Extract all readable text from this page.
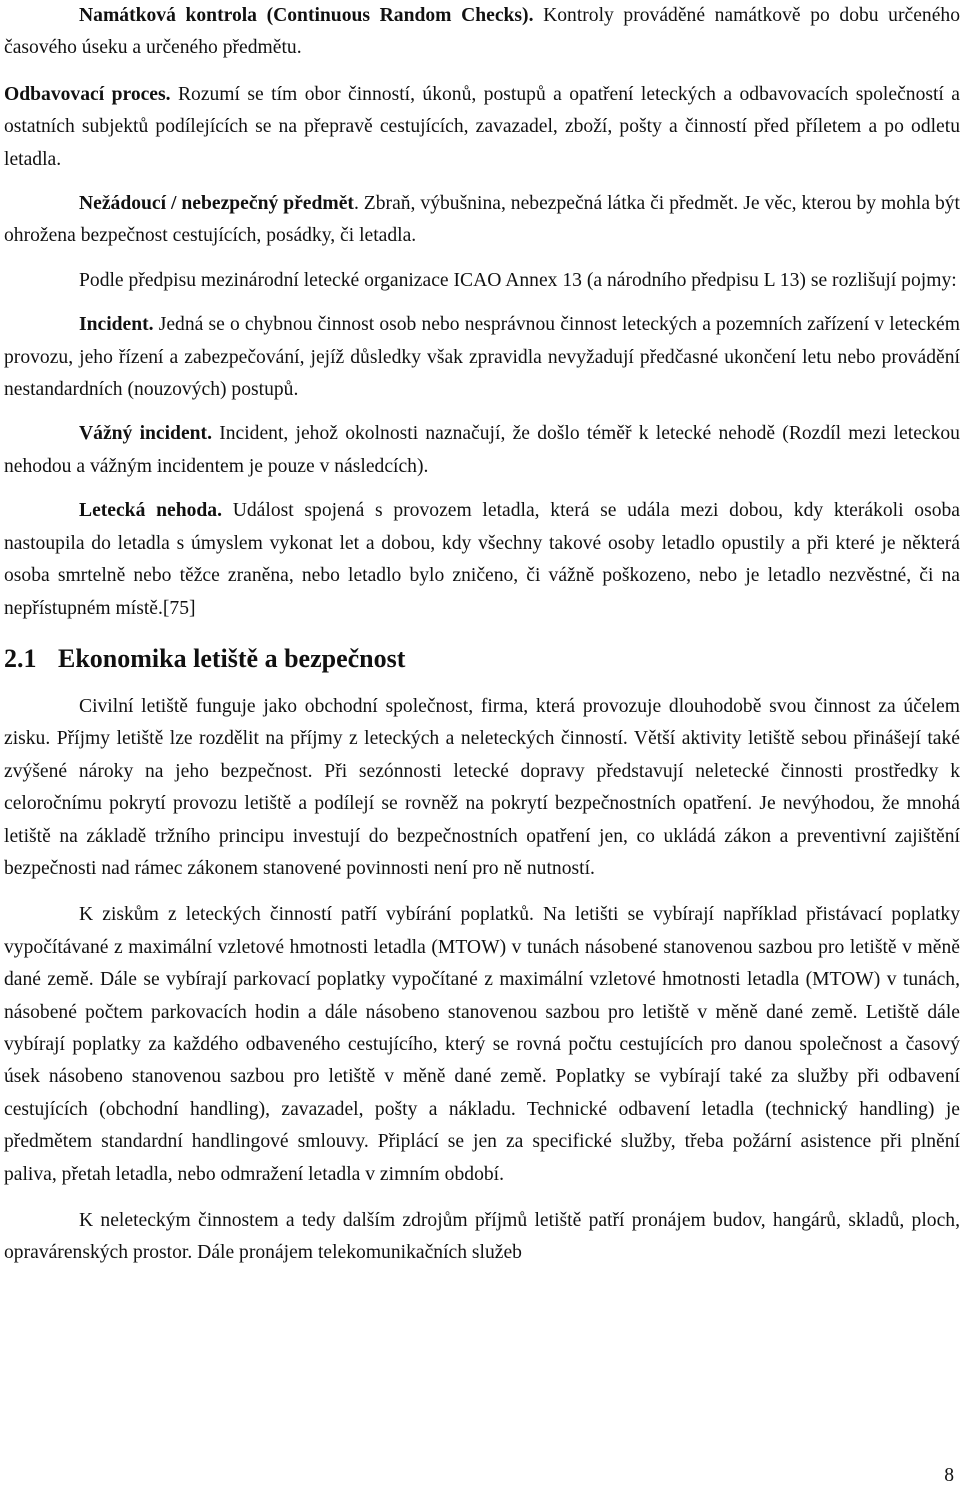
Namátková kontrola (Continuous Random Checks). Kontroly prováděné namátkově po dobu určeného časového úseku a určeného předmětu.

Odbavovací proces. Rozumí se tím obor činností, úkonů, postupů a opatření leteckých a odbavovacích společností a ostatních subjektů podílejících se na přepravě cestujících, zavazadel, zboží, pošty a činností před příletem a po odletu letadla.

Nežádoucí / nebezpečný předmět. Zbraň, výbušnina, nebezpečná látka či předmět. Je věc, kterou by mohla být ohrožena bezpečnost cestujících, posádky, či letadla.

Podle předpisu mezinárodní letecké organizace ICAO Annex 13 (a národního předpisu L 13) se rozlišují pojmy:

Incident. Jedná se o chybnou činnost osob nebo nesprávnou činnost leteckých a pozemních zařízení v leteckém provozu, jeho řízení a zabezpečování, jejíž důsledky však zpravidla nevyžadují předčasné ukončení letu nebo provádění nestandardních (nouzových) postupů.

Vážný incident. Incident, jehož okolnosti naznačují, že došlo téměř k letecké nehodě (Rozdíl mezi leteckou nehodou a vážným incidentem je pouze v následcích).

Letecká nehoda. Událost spojená s provozem letadla, která se udála mezi dobou, kdy kterákoli osoba nastoupila do letadla s úmyslem vykonat let a dobou, kdy všechny takové osoby letadlo opustily a při které je některá osoba smrtelně nebo těžce zraněna, nebo letadlo bylo zničeno, či vážně poškozeno, nebo je letadlo nezvěstné, či na nepřístupném místě.[75]

2.1 Ekonomika letiště a bezpečnost

Civilní letiště funguje jako obchodní společnost, firma, která provozuje dlouhodobě svou činnost za účelem zisku. Příjmy letiště lze rozdělit na příjmy z leteckých a neleteckých činností. Větší aktivity letiště sebou přinášejí také zvýšené nároky na jeho bezpečnost. Při sezónnosti letecké dopravy představují neletecké činnosti prostředky k celoročnímu pokrytí provozu letiště a podílejí se rovněž na pokrytí bezpečnostních opatření. Je nevýhodou, že mnohá letiště na základě tržního principu investují do bezpečnostních opatření jen, co ukládá zákon a preventivní zajištění bezpečnosti nad rámec zákonem stanovené povinnosti není pro ně nutností.

K ziskům z leteckých činností patří vybírání poplatků. Na letišti se vybírají například přistávací poplatky vypočítávané z maximální vzletové hmotnosti letadla (MTOW) v tunách násobené stanovenou sazbou pro letiště v měně dané země. Dále se vybírají parkovací poplatky vypočítané z maximální vzletové hmotnosti letadla (MTOW) v tunách, násobené počtem parkovacích hodin a dále násobeno stanovenou sazbou pro letiště v měně dané země. Letiště dále vybírají poplatky za každého odbaveného cestujícího, který se rovná počtu cestujících pro danou společnost a časový úsek násobeno stanovenou sazbou pro letiště v měně dané země. Poplatky se vybírají také za služby při odbavení cestujících (obchodní handling), zavazadel, pošty a nákladu. Technické odbavení letadla (technický handling) je předmětem standardní handlingové smlouvy. Připlácí se jen za specifické služby, třeba požární asistence při plnění paliva, přetah letadla, nebo odmražení letadla v zimním období.

K neleteckým činnostem a tedy dalším zdrojům příjmů letiště patří pronájem budov, hangárů, skladů, ploch, opravárenských prostor. Dále pronájem telekomunikačních služeb

8
